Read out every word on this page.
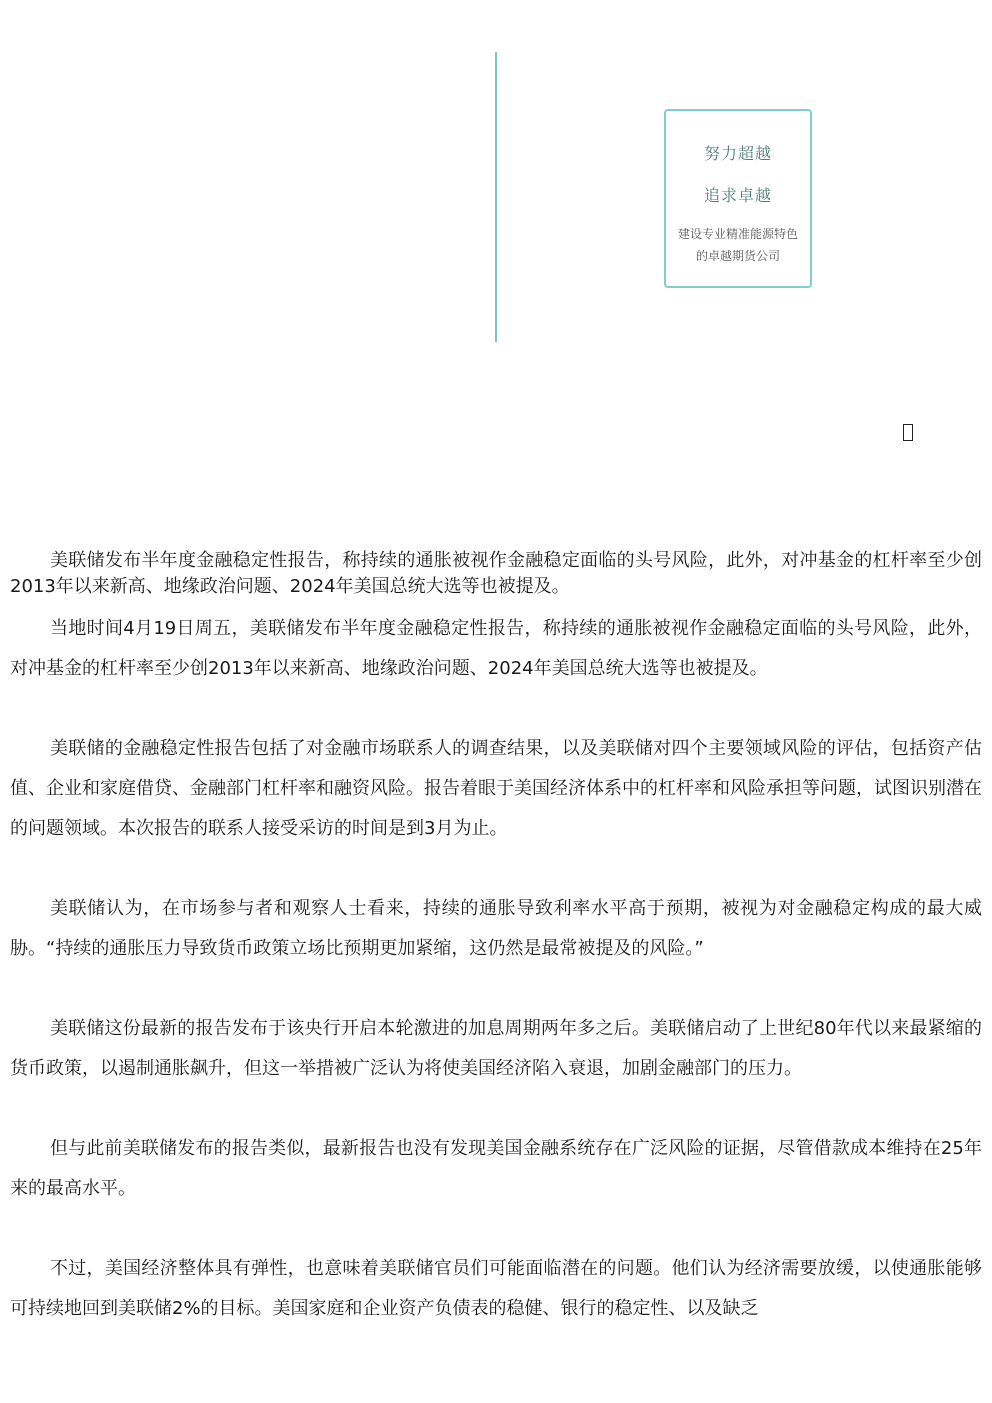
努力超越
追求卓越
建设专业精准能源特色的卓越期货公司

美联储发布半年度金融稳定性报告，称持续的通胀被视作金融稳定面临的头号风险，此外，对冲基金的杠杆率至少创2013年以来新高、地缘政治问题、2024年美国总统大选等也被提及。

当地时间4月19日周五，美联储发布半年度金融稳定性报告，称持续的通胀被视作金融稳定面临的头号风险，此外，对冲基金的杠杆率至少创2013年以来新高、地缘政治问题、2024年美国总统大选等也被提及。

美联储的金融稳定性报告包括了对金融市场联系人的调查结果，以及美联储对四个主要领域风险的评估，包括资产估值、企业和家庭借贷、金融部门杠杆率和融资风险。报告着眼于美国经济体系中的杠杆率和风险承担等问题，试图识别潜在的问题领域。本次报告的联系人接受采访的时间是到3月为止。

美联储认为，在市场参与者和观察人士看来，持续的通胀导致利率水平高于预期，被视为对金融稳定构成的最大威胁。“持续的通胀压力导致货币政策立场比预期更加紧缩，这仍然是最常被提及的风险。”

美联储这份最新的报告发布于该央行开启本轮激进的加息周期两年多之后。美联储启动了上世纪80年代以来最紧缩的货币政策，以遏制通胀飙升，但这一举措被广泛认为将使美国经济陷入衰退，加剧金融部门的压力。

但与此前美联储发布的报告类似，最新报告也没有发现美国金融系统存在广泛风险的证据，尽管借款成本维持在25年来的最高水平。

不过，美国经济整体具有弹性，也意味着美联储官员们可能面临潜在的问题。他们认为经济需要放缓，以使通胀能够可持续地回到美联储2%的目标。美国家庭和企业资产负债表的稳健、银行的稳定性、以及缺乏
